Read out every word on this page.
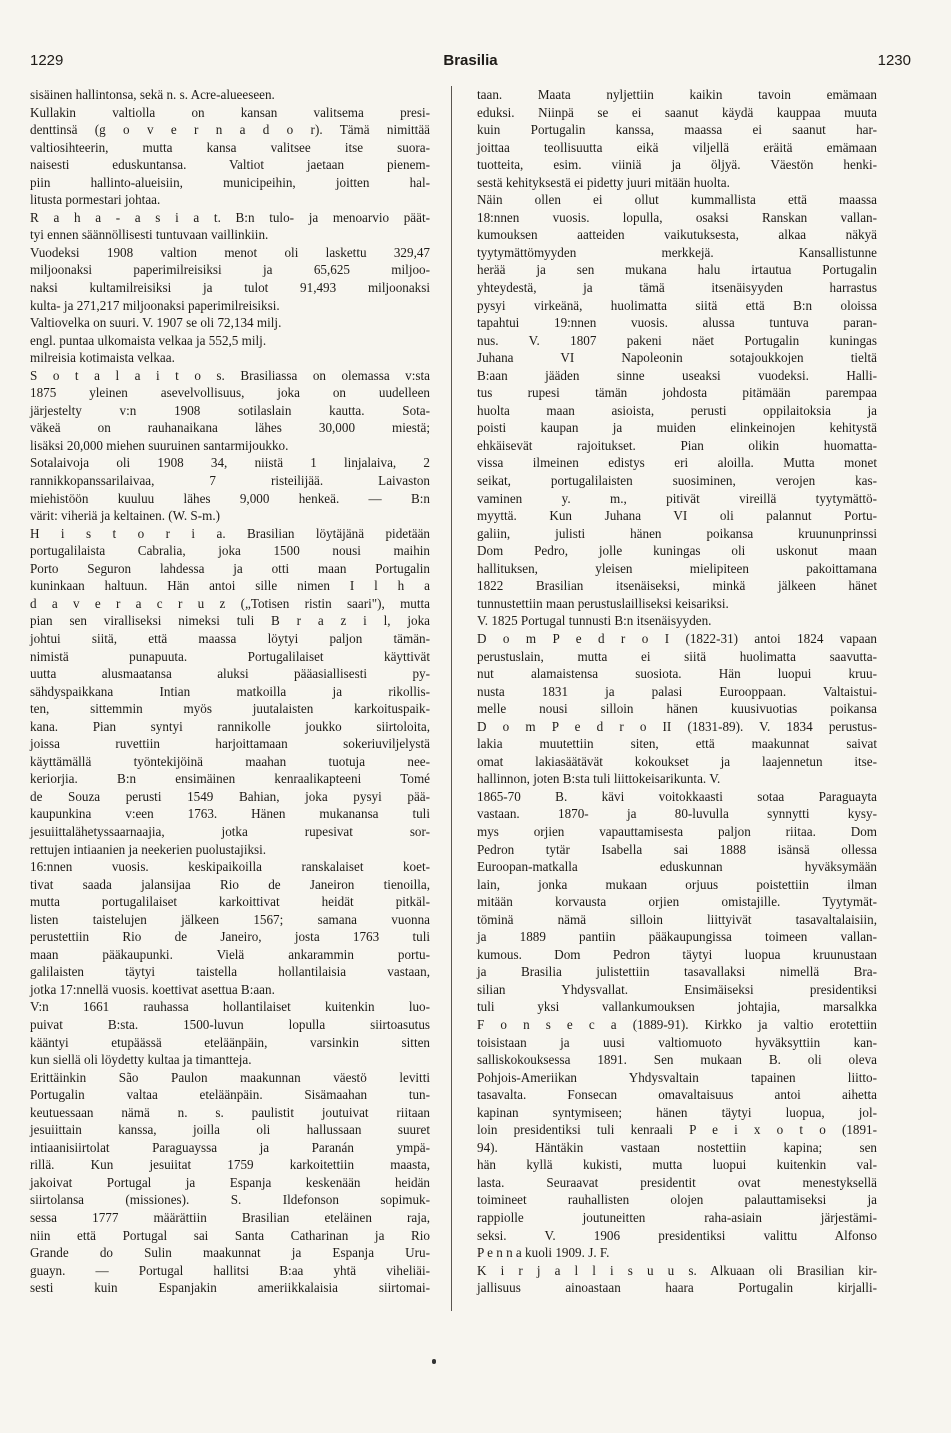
1229	Brasilia	1230
sisäinen hallintonsa, sekä n. s. Acre-alueeseen.
Kullakin valtiolla on kansan valitsema presi-
denttinsä (g o v e r n a d o r). Tämä nimittää
valtiosihteerin, mutta kansa valitsee itse suora-
naisesti eduskuntansa. Valtiot jaetaan pienem-
piin hallinto-alueisiin, municipeihin, joitten hal-
litusta pormestari johtaa.
R a h a - a s i a t. B:n tulo- ja menoarvio päät-
tyi ennen säännöllisesti tuntuvaan vaillinkiin.
Vuodeksi 1908 valtion menot oli laskettu 329,47
miljoonaksi paperimilreisiksi ja 65,625 miljoo-
naksi kultamilreisiksi ja tulot 91,493 miljoonaksi
kulta- ja 271,217 miljoonaksi paperimilreisiksi.
Valtiovelka on suuri. V. 1907 se oli 72,134 milj.
engl. puntaa ulkomaista velkaa ja 552,5 milj.
milreisia kotimaista velkaa.
S o t a l a i t o s. Brasiliassa on olemassa v:sta
1875 yleinen asevelvollisuus, joka on uudelleen
järjestelty v:n 1908 sotilaslain kautta. Sota-
väkeä on rauhanaikana lähes 30,000 miestä;
lisäksi 20,000 miehen suuruinen santarmijoukko.
Sotalaivoja oli 1908 34, niistä 1 linjalaiva, 2
rannikkopanssarilaivaa, 7 risteilijää. Laivaston
miehistöön kuuluu lähes 9,000 henkeä. — B:n
värit: viheriä ja keltainen. (W. S-m.)
H i s t o r i a. Brasilian löytäjänä pidetään
portugalilaista Cabralia, joka 1500 nousi maihin
Porto Seguron lahdessa ja otti maan Portugalin
kuninkaan haltuun. Hän antoi sille nimen I l h a
d a v e r a c r u z („Totisen ristin saari"), mutta
pian sen viralliseksi nimeksi tuli B r a z i l, joka
johtui siitä, että maassa löytyi paljon tämän-
nimistä punapuuta. Portugalilaiset käyttivät
uutta alusmaatansa aluksi pääasiallisesti py-
sähdyspaikkana Intian matkoilla ja rikollis-
ten, sittemmin myös juutalaisten karkoituspaik-
kana. Pian syntyi rannikolle joukko siirtoloita,
joissa ruvettiin harjoittamaan sokeriuviljelystä
käyttämällä työntekijöinä maahan tuotuja nee-
keriorjia. B:n ensimäinen kenraalikapteeni Tomé
de Souza perusti 1549 Bahian, joka pysyi pää-
kaupunkina v:een 1763. Hänen mukanansa tuli
jesuiittalähetyssaarnaajia, jotka rupesivat sor-
rettujen intiaanien ja neekerien puolustajiksi.
16:nnen vuosis. keskipaikoilla ranskalaiset koet-
tivat saada jalansijaa Rio de Janeiron tienoilla,
mutta portugalilaiset karkoittivat heidät pitkäl-
listen taistelujen jälkeen 1567; samana vuonna
perustettiin Rio de Janeiro, josta 1763 tuli
maan pääkaupunki. Vielä ankarammin portu-
galilaisten täytyi taistella hollantilaisia vastaan,
jotka 17:nnellä vuosis. koettivat asettua B:aan.
V:n 1661 rauhassa hollantilaiset kuitenkin luo-
puivat B:sta. 1500-luvun lopulla siirtoasutus
kääntyi etupäässä eteläänpäin, varsinkin sitten
kun siellä oli löydetty kultaa ja timantteja.
Erittäinkin São Paulon maakunnan väestö levitti
Portugalin valtaa eteläänpäin. Sisämaahan tun-
keutuessaan nämä n. s. paulistit joutuivat riitaan
jesuiittain kanssa, joilla oli hallussaan suuret
intiaanisiirtolat Paraguayssa ja Paranán ympä-
rillä. Kun jesuiitat 1759 karkoitettiin maasta,
jakoivat Portugal ja Espanja keskenään heidän
siirtolansa (missiones). S. Ildefonson sopimuk-
sessa 1777 määrättiin Brasilian eteläinen raja,
niin että Portugal sai Santa Catharinan ja Rio
Grande do Sulin maakunnat ja Espanja Uru-
guayn. — Portugal hallitsi B:aa yhtä viheliäi-
sesti kuin Espanjakin ameriikkalaisia siirtomai-
taan. Maata nyljettiin kaikin tavoin emämaan
eduksi. Niinpä se ei saanut käydä kauppaa muuta
kuin Portugalin kanssa, maassa ei saanut har-
joittaa teollisuutta eikä viljellä eräitä emämaan
tuotteita, esim. viiniä ja öljyä. Väestön henki-
sestä kehityksestä ei pidetty juuri mitään huolta.
Näin ollen ei ollut kummallista että maassa
18:nnen vuosis. lopulla, osaksi Ranskan vallan-
kumouksen aatteiden vaikutuksesta, alkaa näkyä
tyytymättömyyden merkkejä. Kansallistunne
herää ja sen mukana halu irtautua Portugalin
yhteydestä, ja tämä itsenäisyyden harrastus
pysyi virkeänä, huolimatta siitä että B:n oloissa
tapahtui 19:nnen vuosis. alussa tuntuva paran-
nus. V. 1807 pakeni näet Portugalin kuningas
Juhana VI Napoleonin sotajoukkojen tieltä
B:aan jääden sinne useaksi vuodeksi. Halli-
tus rupesi tämän johdosta pitämään parempaa
huolta maan asioista, perusti oppilaitoksia ja
poisti kaupan ja muiden elinkeinojen kehitystä
ehkäisevät rajoitukset. Pian olikin huomatta-
vissa ilmeinen edistys eri aloilla. Mutta monet
seikat, portugalilaisten suosiminen, verojen kas-
vaminen y. m., pitivät vireillä tyytymättö-
myyttä. Kun Juhana VI oli palannut Portu-
galiin, julisti hänen poikansa kruununprinssi
Dom Pedro, jolle kuningas oli uskonut maan
hallituksen, yleisen mielipiteen pakoittamana
1822 Brasilian itsenäiseksi, minkä jälkeen hänet
tunnustettiin maan perustuslailliseksi keisariksi.
V. 1825 Portugal tunnusti B:n itsenäisyyden.
D o m P e d r o I (1822-31) antoi 1824 vapaan
perustuslain, mutta ei siitä huolimatta saavutta-
nut alamaistensa suosiota. Hän luopui kruu-
nusta 1831 ja palasi Eurooppaan. Valtaistui-
melle nousi silloin hänen kuusivuotias poikansa
D o m P e d r o II (1831-89). V. 1834 perustus-
lakia muutettiin siten, että maakunnat saivat
omat lakiasäätävät kokoukset ja laajennetun itse-
hallinnon, joten B:sta tuli liittokeisarikunta. V.
1865-70 B. kävi voitokkaasti sotaa Paraguayta
vastaan. 1870- ja 80-luvulla synnytti kysy-
mys orjien vapauttamisesta paljon riitaa. Dom
Pedron tytär Isabella sai 1888 isänsä ollessa
Euroopan-matkalla eduskunnan hyväksymään
lain, jonka mukaan orjuus poistettiin ilman
mitään korvausta orjien omistajille. Tyytymät-
töminä nämä silloin liittyivät tasavaltalaisiin,
ja 1889 pantiin pääkaupungissa toimeen vallan-
kumous. Dom Pedron täytyi luopua kruunustaan
ja Brasilia julistettiin tasavallaksi nimellä Bra-
silian Yhdysvallat. Ensimäiseksi presidentiksi
tuli yksi vallankumouksen johtajia, marsalkka
F o n s e c a (1889-91). Kirkko ja valtio erotettiin
toisistaan ja uusi valtiomuoto hyväksyttiin kan-
salliskokouksessa 1891. Sen mukaan B. oli oleva
Pohjois-Ameriikan Yhdysvaltain tapainen liitto-
tasavalta. Fonsecan omavaltaisuus antoi aihetta
kapinan syntymiseen; hänen täytyi luopua, jol-
loin presidentiksi tuli kenraali P e i x o t o (1891-
94). Häntäkin vastaan nostettiin kapina; sen
hän kyllä kukisti, mutta luopui kuitenkin val-
lasta. Seuraavat presidentit ovat menestyksellä
toimineet rauhallisten olojen palauttamiseksi ja
rappiolle joutuneitten raha-asiain järjestämi-
seksi. V. 1906 presidentiksi valittu Alfonso
P e n n a kuoli 1909. J. F.
K i r j a l l i s u u s. Alkuaan oli Brasilian kir-
jallisuus ainoastaan haara Portugalin kirjalli-
